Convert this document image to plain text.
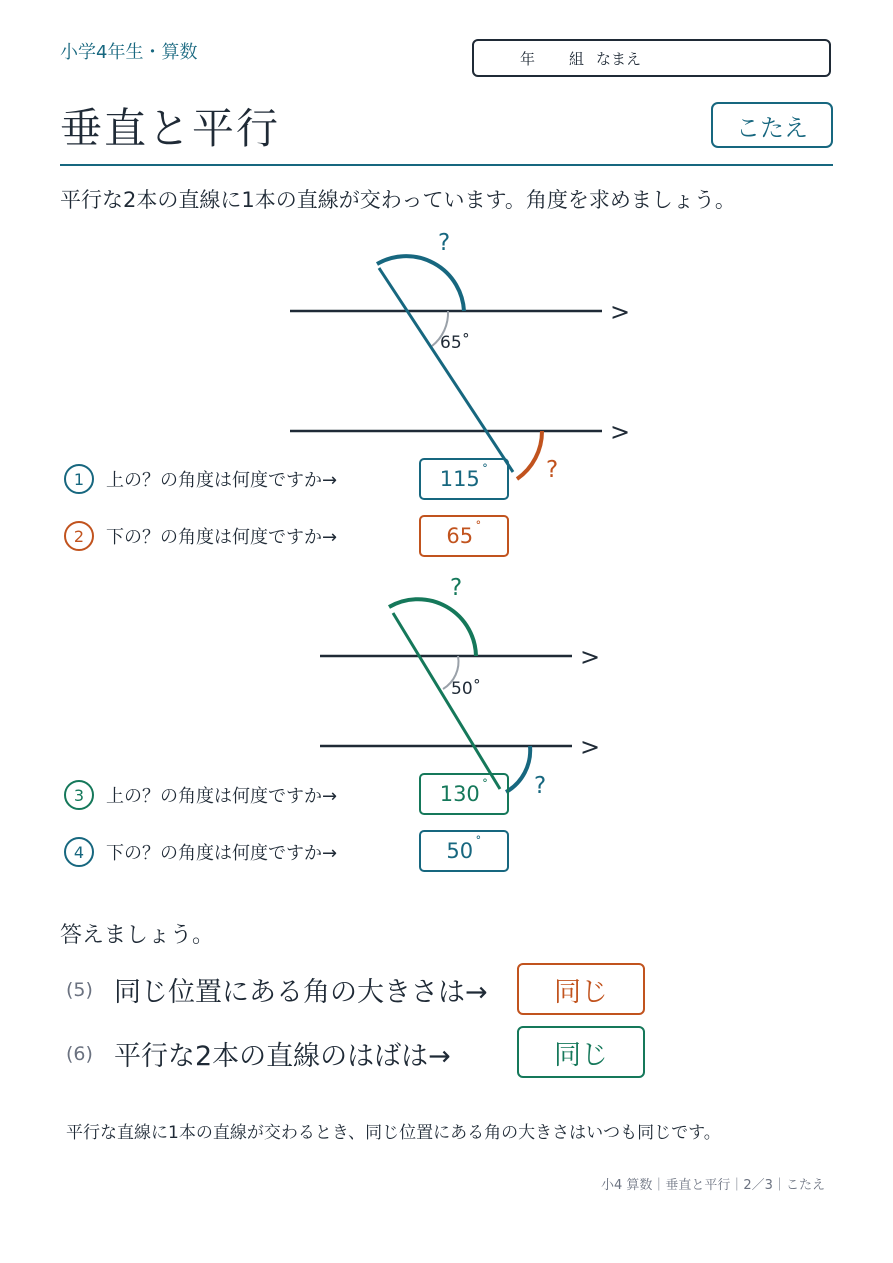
小学4年生・算数	年 組 なまえ
垂直と平行	こたえ
平行な2本の直線に1本の直線が交わっています。角度を求めましょう。
>
>
?
?
65˚
>
>
?
?
50˚
1	上の？の角度は何度ですか→	115 ˚
2	下の？の角度は何度ですか→	65 ˚
3	上の？の角度は何度ですか→	130 ˚
4	下の？の角度は何度ですか→	50 ˚
答えましょう。
(5) 同じ位置にある角の大きさは→ 同じ
(6) 平行な2本の直線のはばは→	同じ
平行な直線に1本の直線が交わるとき、同じ位置にある角の大きさはいつも同じです。
小4 算数｜垂直と平行｜2／3｜こたえ
